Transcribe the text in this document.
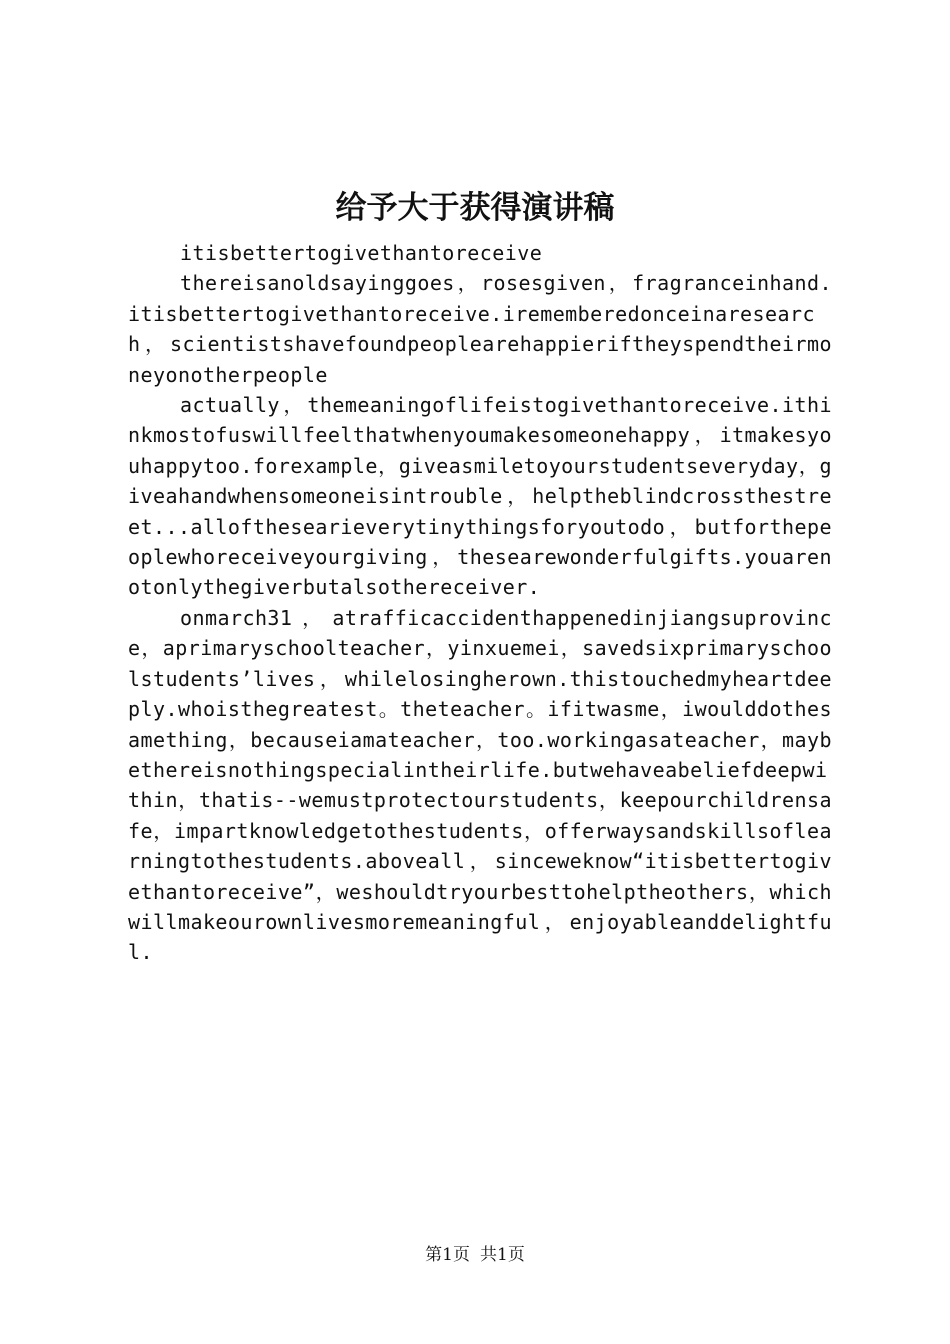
给予大于获得演讲稿

itisbettertogivethantoreceive

thereisanoldsayinggoes，rosesgiven，fragranceinhand.itisbettertogivethantoreceive.irememberedonceinaresearch，scientistshavefoundpeoplearehappieriftheyspendtheirmoneyonotherpeople

actually，themeaningoflifeistogivethantoreceive.ithinkmostofuswillfeelthatwhenyoumakesomeonehappy，itmakesyouhappytoo.forexample，giveasmiletoyourstudentseveryday，giveahandwhensomeoneisintrouble，helptheblindcrossthestreet...allofthesearieverytinythingsforyoutodo，butforthepeoplewhoreceiveyourgiving，thesearewonderfulgifts.youarenotonlythegiverbutalsothereceiver.

onmarch31，atrafficaccidenthappenedinjiangsuprovince，aprimaryschoolteacher，yinxuemei，savedsixprimaryschoolstudents’lives，whilelosingherown.thistouchedmyheartdeeply.whoisthegreatest。theteacher。ifitwasme，iwoulddothesamething，becauseiamateacher，too.workingasateacher，maybethereisnothingspecialintheirlife.butwehaveabeliefdeepwithin，thatis--wemustprotectourstudents，keepourchildrensafe，impartknowledgetothestudents，offerwaysandskillsoflearningtothestudents.aboveall，sinceweknow“itisbettertogivethantoreceive”，weshouldtryourbesttohelptheothers，whichwillmakeourownlivesmoremeaningful，enjoyableanddelightful.

第1页 共1页
